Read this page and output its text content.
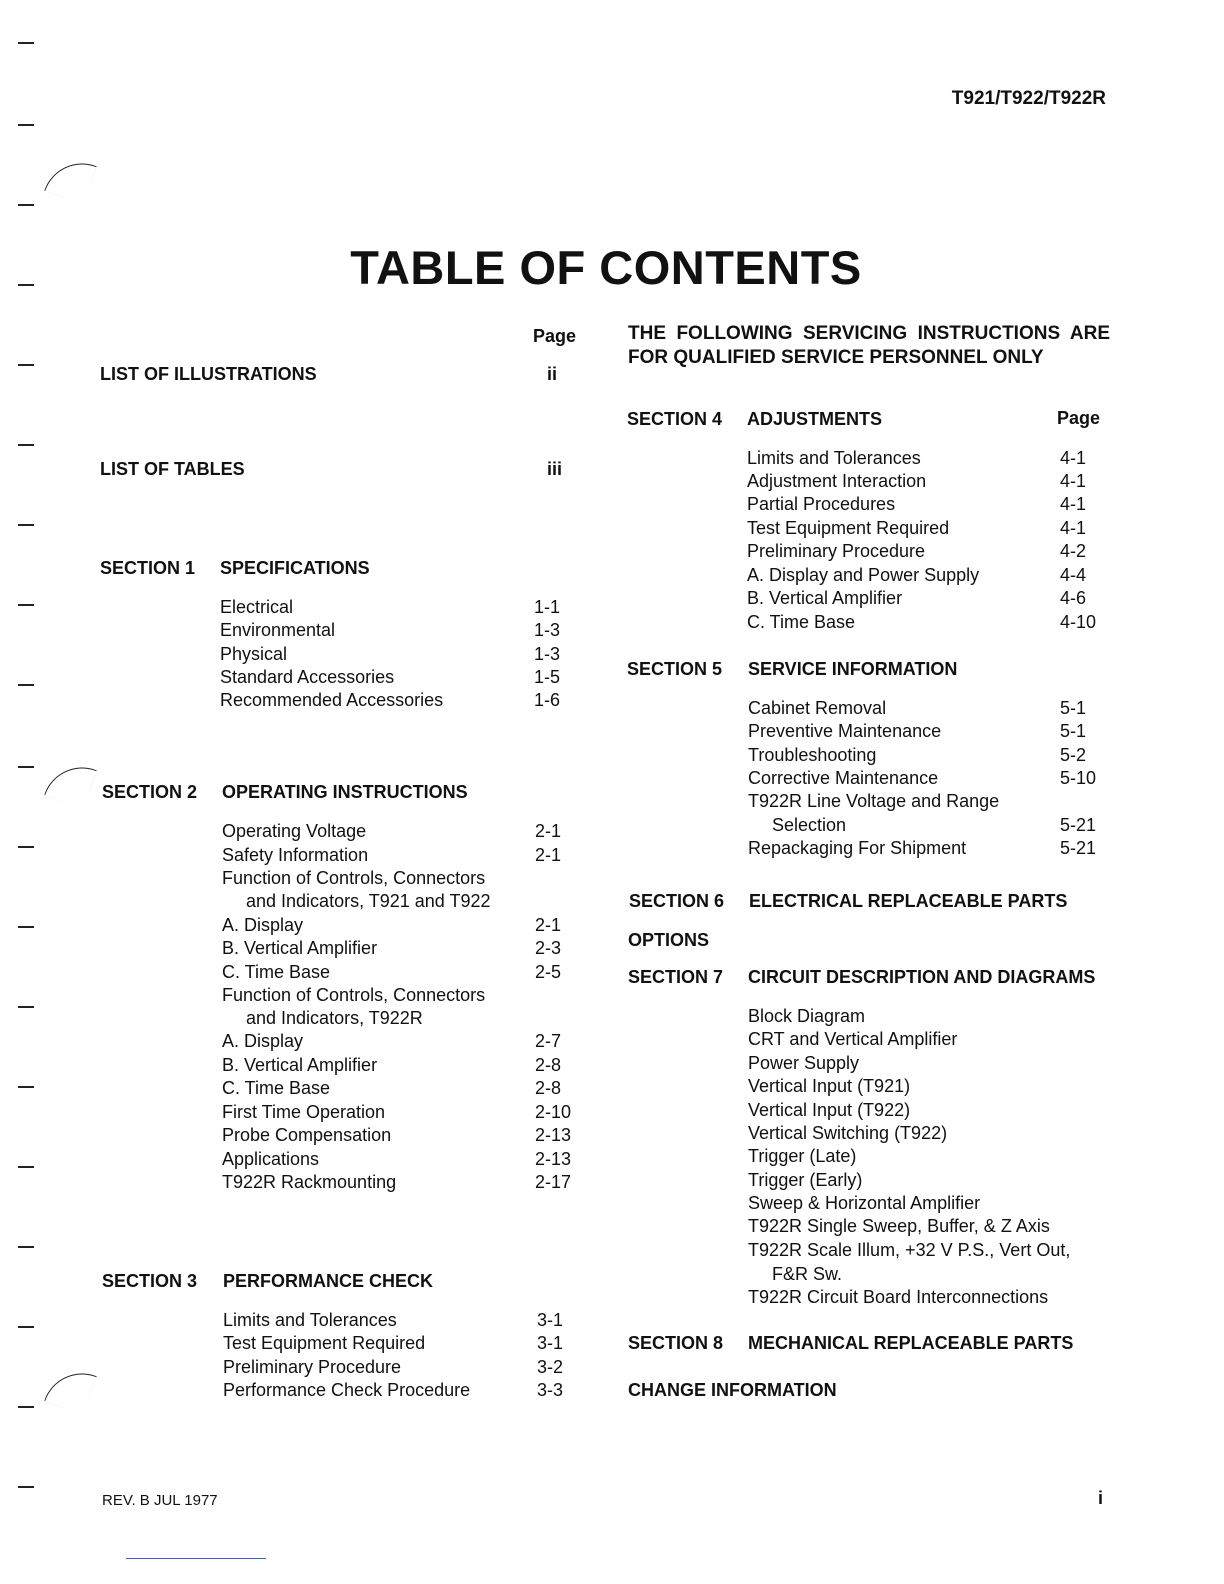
T921/T922/T922R
TABLE OF CONTENTS
Page
LIST OF ILLUSTRATIONS	ii
LIST OF TABLES	iii
SECTION 1 SPECIFICATIONS
Electrical	1-1
Environmental	1-3
Physical	1-3
Standard Accessories	1-5
Recommended Accessories	1-6
SECTION 2 OPERATING INSTRUCTIONS
Operating Voltage	2-1
Safety Information	2-1
Function of Controls, Connectors
and Indicators, T921 and T922
A. Display	2-1
B. Vertical Amplifier	2-3
C. Time Base	2-5
Function of Controls, Connectors
and Indicators, T922R
A. Display	2-7
B. Vertical Amplifier	2-8
C. Time Base	2-8
First Time Operation	2-10
Probe Compensation	2-13
Applications	2-13
T922R Rackmounting	2-17
SECTION 3 PERFORMANCE CHECK
Limits and Tolerances	3-1
Test Equipment Required	3-1
Preliminary Procedure	3-2
Performance Check Procedure	3-3
THE FOLLOWING SERVICING INSTRUCTIONS ARE FOR QUALIFIED SERVICE PERSONNEL ONLY
SECTION 4 ADJUSTMENTS	Page
Limits and Tolerances	4-1
Adjustment Interaction	4-1
Partial Procedures	4-1
Test Equipment Required	4-1
Preliminary Procedure	4-2
A. Display and Power Supply	4-4
B. Vertical Amplifier	4-6
C. Time Base	4-10
SECTION 5 SERVICE INFORMATION
Cabinet Removal	5-1
Preventive Maintenance	5-1
Troubleshooting	5-2
Corrective Maintenance	5-10
T922R Line Voltage and Range
Selection	5-21
Repackaging For Shipment	5-21
SECTION 6 ELECTRICAL REPLACEABLE PARTS
OPTIONS
SECTION 7 CIRCUIT DESCRIPTION AND DIAGRAMS
Block Diagram
CRT and Vertical Amplifier
Power Supply
Vertical Input (T921)
Vertical Input (T922)
Vertical Switching (T922)
Trigger (Late)
Trigger (Early)
Sweep & Horizontal Amplifier
T922R Single Sweep, Buffer, & Z Axis
T922R Scale Illum, +32 V P.S., Vert Out,
F&R Sw.
T922R Circuit Board Interconnections
SECTION 8 MECHANICAL REPLACEABLE PARTS
CHANGE INFORMATION
REV. B JUL 1977	i
